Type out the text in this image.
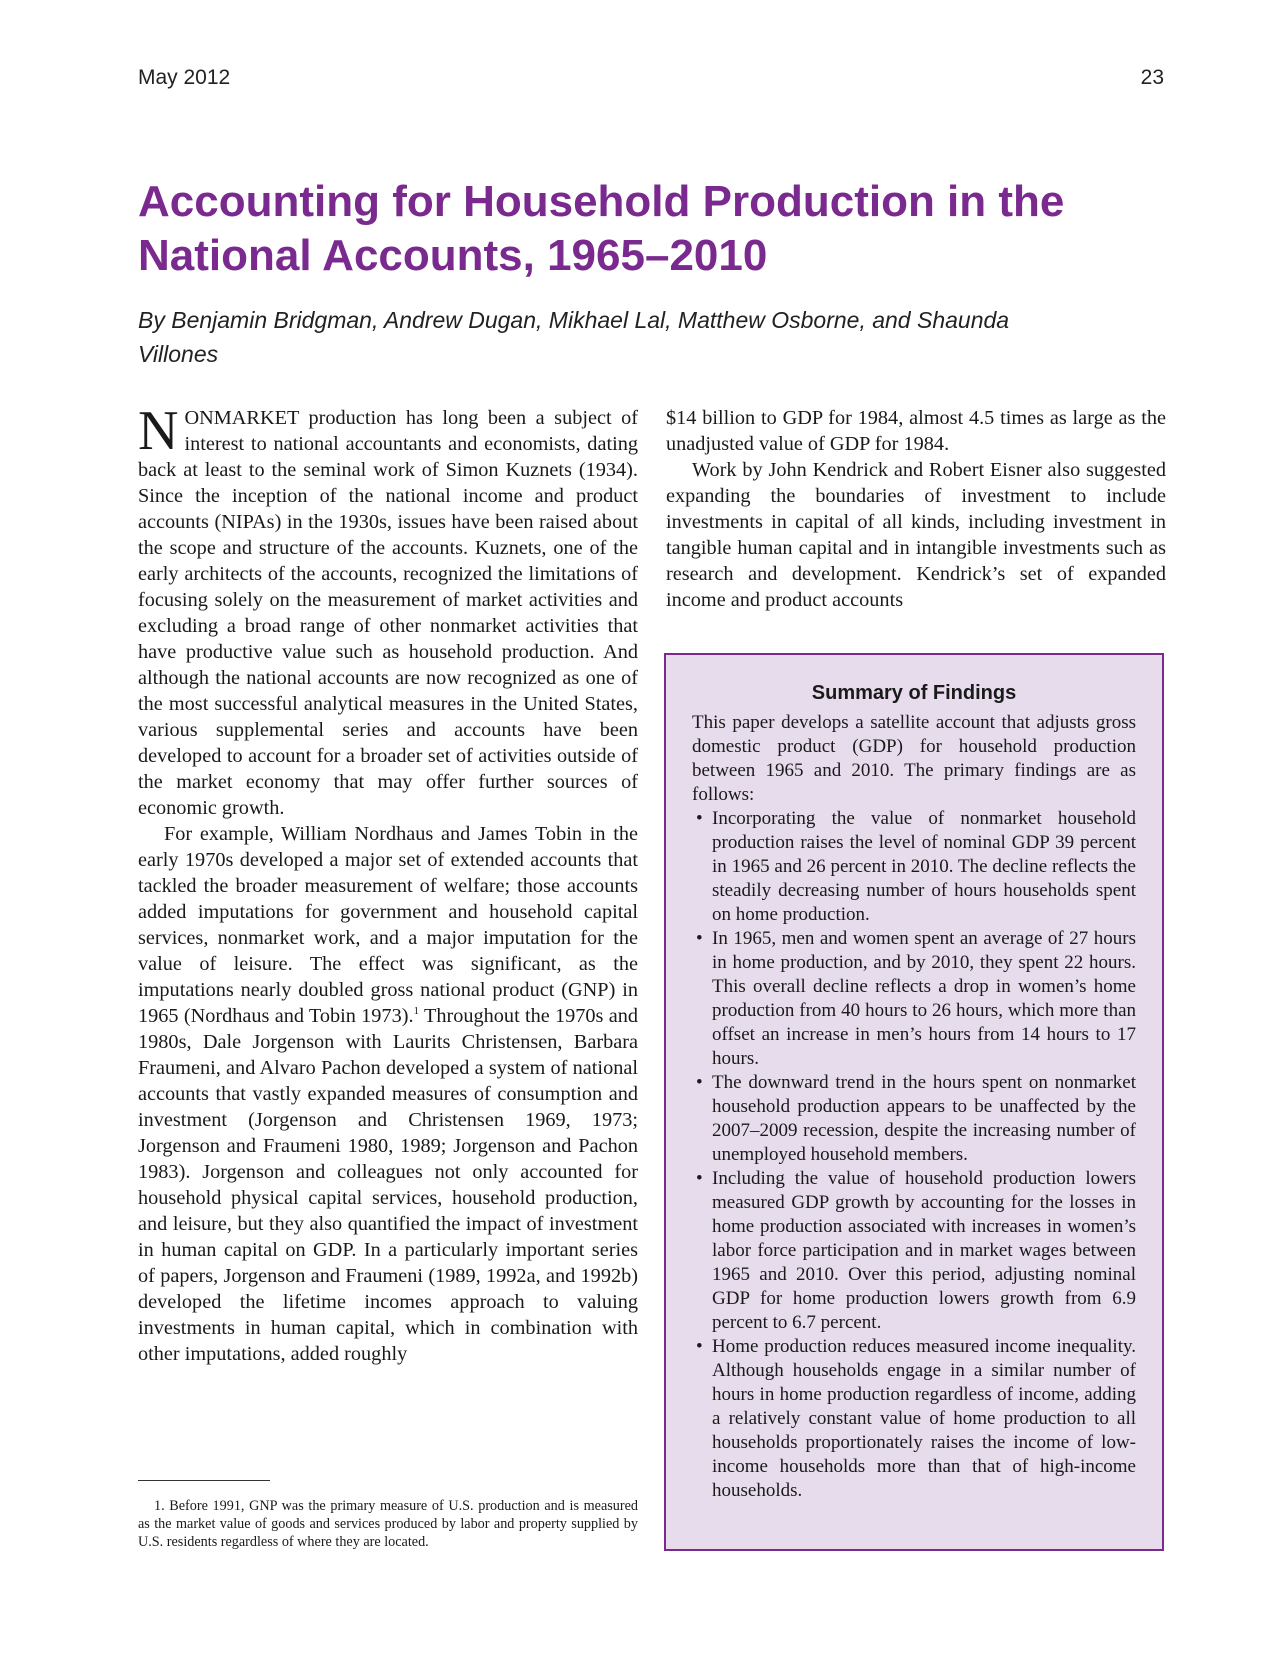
May 2012	23
Accounting for Household Production in the National Accounts, 1965–2010

By Benjamin Bridgman, Andrew Dugan, Mikhael Lal, Matthew Osborne, and Shaunda Villones

NONMARKET production has long been a subject of interest to national accountants and economists, dating back at least to the seminal work of Simon Kuznets (1934). Since the inception of the national income and product accounts (NIPAs) in the 1930s, issues have been raised about the scope and structure of the accounts. Kuznets, one of the early architects of the accounts, recognized the limitations of focusing solely on the measurement of market activities and excluding a broad range of other nonmarket activities that have productive value such as household production. And although the national accounts are now recognized as one of the most successful analytical measures in the United States, various supplemental series and accounts have been developed to account for a broader set of activities outside of the market economy that may offer further sources of economic growth.

For example, William Nordhaus and James Tobin in the early 1970s developed a major set of extended accounts that tackled the broader measurement of welfare; those accounts added imputations for government and household capital services, nonmarket work, and a major imputation for the value of leisure. The effect was significant, as the imputations nearly doubled gross national product (GNP) in 1965 (Nordhaus and Tobin 1973).$^1$ Throughout the 1970s and 1980s, Dale Jorgenson with Laurits Christensen, Barbara Fraumeni, and Alvaro Pachon developed a system of national accounts that vastly expanded measures of consumption and investment (Jorgenson and Christensen 1969, 1973; Jorgenson and Fraumeni 1980, 1989; Jorgenson and Pachon 1983). Jorgenson and colleagues not only accounted for household physical capital services, household production, and leisure, but they also quantified the impact of investment in human capital on GDP. In a particularly important series of papers, Jorgenson and Fraumeni (1989, 1992a, and 1992b) developed the lifetime incomes approach to valuing investments in human capital, which in combination with other imputations, added roughly

1. Before 1991, GNP was the primary measure of U.S. production and is measured as the market value of goods and services produced by labor and property supplied by U.S. residents regardless of where they are located.

$14 billion to GDP for 1984, almost 4.5 times as large as the unadjusted value of GDP for 1984.

Work by John Kendrick and Robert Eisner also suggested expanding the boundaries of investment to include investments in capital of all kinds, including investment in tangible human capital and in intangible investments such as research and development. Kendrick’s set of expanded income and product accounts

Summary of Findings

This paper develops a satellite account that adjusts gross domestic product (GDP) for household production between 1965 and 2010. The primary findings are as follows:

• Incorporating the value of nonmarket household production raises the level of nominal GDP 39 percent in 1965 and 26 percent in 2010. The decline reflects the steadily decreasing number of hours households spent on home production.
• In 1965, men and women spent an average of 27 hours in home production, and by 2010, they spent 22 hours. This overall decline reflects a drop in women’s home production from 40 hours to 26 hours, which more than offset an increase in men’s hours from 14 hours to 17 hours.
• The downward trend in the hours spent on nonmarket household production appears to be unaffected by the 2007–2009 recession, despite the increasing number of unemployed household members.
• Including the value of household production lowers measured GDP growth by accounting for the losses in home production associated with increases in women’s labor force participation and in market wages between 1965 and 2010. Over this period, adjusting nominal GDP for home production lowers growth from 6.9 percent to 6.7 percent.
• Home production reduces measured income inequality. Although households engage in a similar number of hours in home production regardless of income, adding a relatively constant value of home production to all households proportionately raises the income of low-income households more than that of high-income households.
